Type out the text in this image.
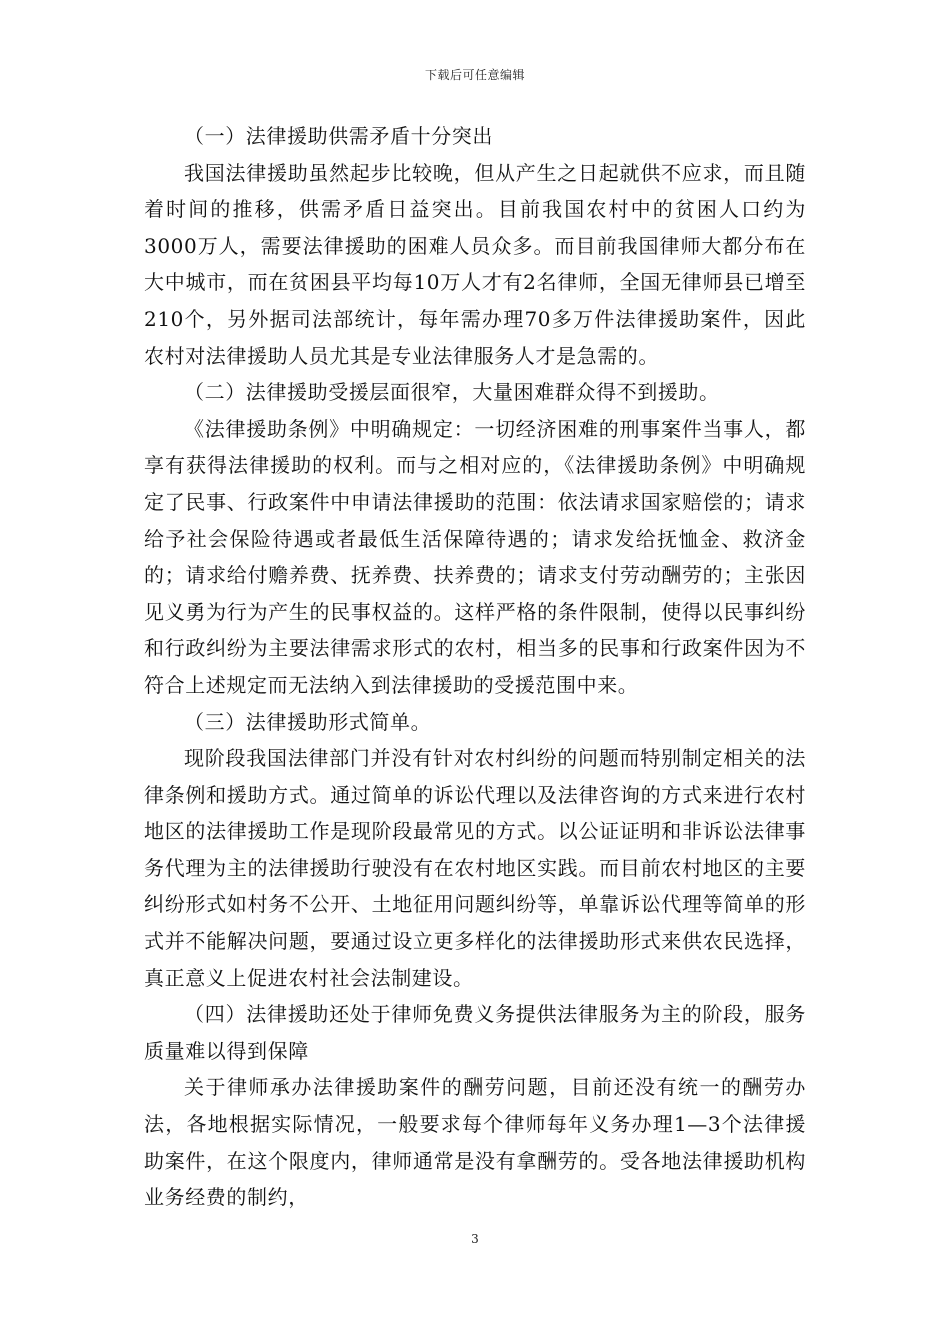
下载后可任意编辑

（一）法律援助供需矛盾十分突出

我国法律援助虽然起步比较晚，但从产生之日起就供不应求，而且随着时间的推移，供需矛盾日益突出。目前我国农村中的贫困人口约为3000万人，需要法律援助的困难人员众多。而目前我国律师大都分布在大中城市，而在贫困县平均每10万人才有2名律师，全国无律师县已增至210个，另外据司法部统计，每年需办理70多万件法律援助案件，因此农村对法律援助人员尤其是专业法律服务人才是急需的。

（二）法律援助受援层面很窄，大量困难群众得不到援助。

《法律援助条例》中明确规定：一切经济困难的刑事案件当事人，都享有获得法律援助的权利。而与之相对应的，《法律援助条例》中明确规定了民事、行政案件中申请法律援助的范围：依法请求国家赔偿的；请求给予社会保险待遇或者最低生活保障待遇的；请求发给抚恤金、救济金的；请求给付赡养费、抚养费、扶养费的；请求支付劳动酬劳的；主张因见义勇为行为产生的民事权益的。这样严格的条件限制，使得以民事纠纷和行政纠纷为主要法律需求形式的农村，相当多的民事和行政案件因为不符合上述规定而无法纳入到法律援助的受援范围中来。

（三）法律援助形式简单。

现阶段我国法律部门并没有针对农村纠纷的问题而特别制定相关的法律条例和援助方式。通过简单的诉讼代理以及法律咨询的方式来进行农村地区的法律援助工作是现阶段最常见的方式。以公证证明和非诉讼法律事务代理为主的法律援助行驶没有在农村地区实践。而目前农村地区的主要纠纷形式如村务不公开、土地征用问题纠纷等，单靠诉讼代理等简单的形式并不能解决问题，要通过设立更多样化的法律援助形式来供农民选择，真正意义上促进农村社会法制建设。

（四）法律援助还处于律师免费义务提供法律服务为主的阶段，服务质量难以得到保障

关于律师承办法律援助案件的酬劳问题，目前还没有统一的酬劳办法，各地根据实际情况，一般要求每个律师每年义务办理1—3个法律援助案件，在这个限度内，律师通常是没有拿酬劳的。受各地法律援助机构业务经费的制约，

3
